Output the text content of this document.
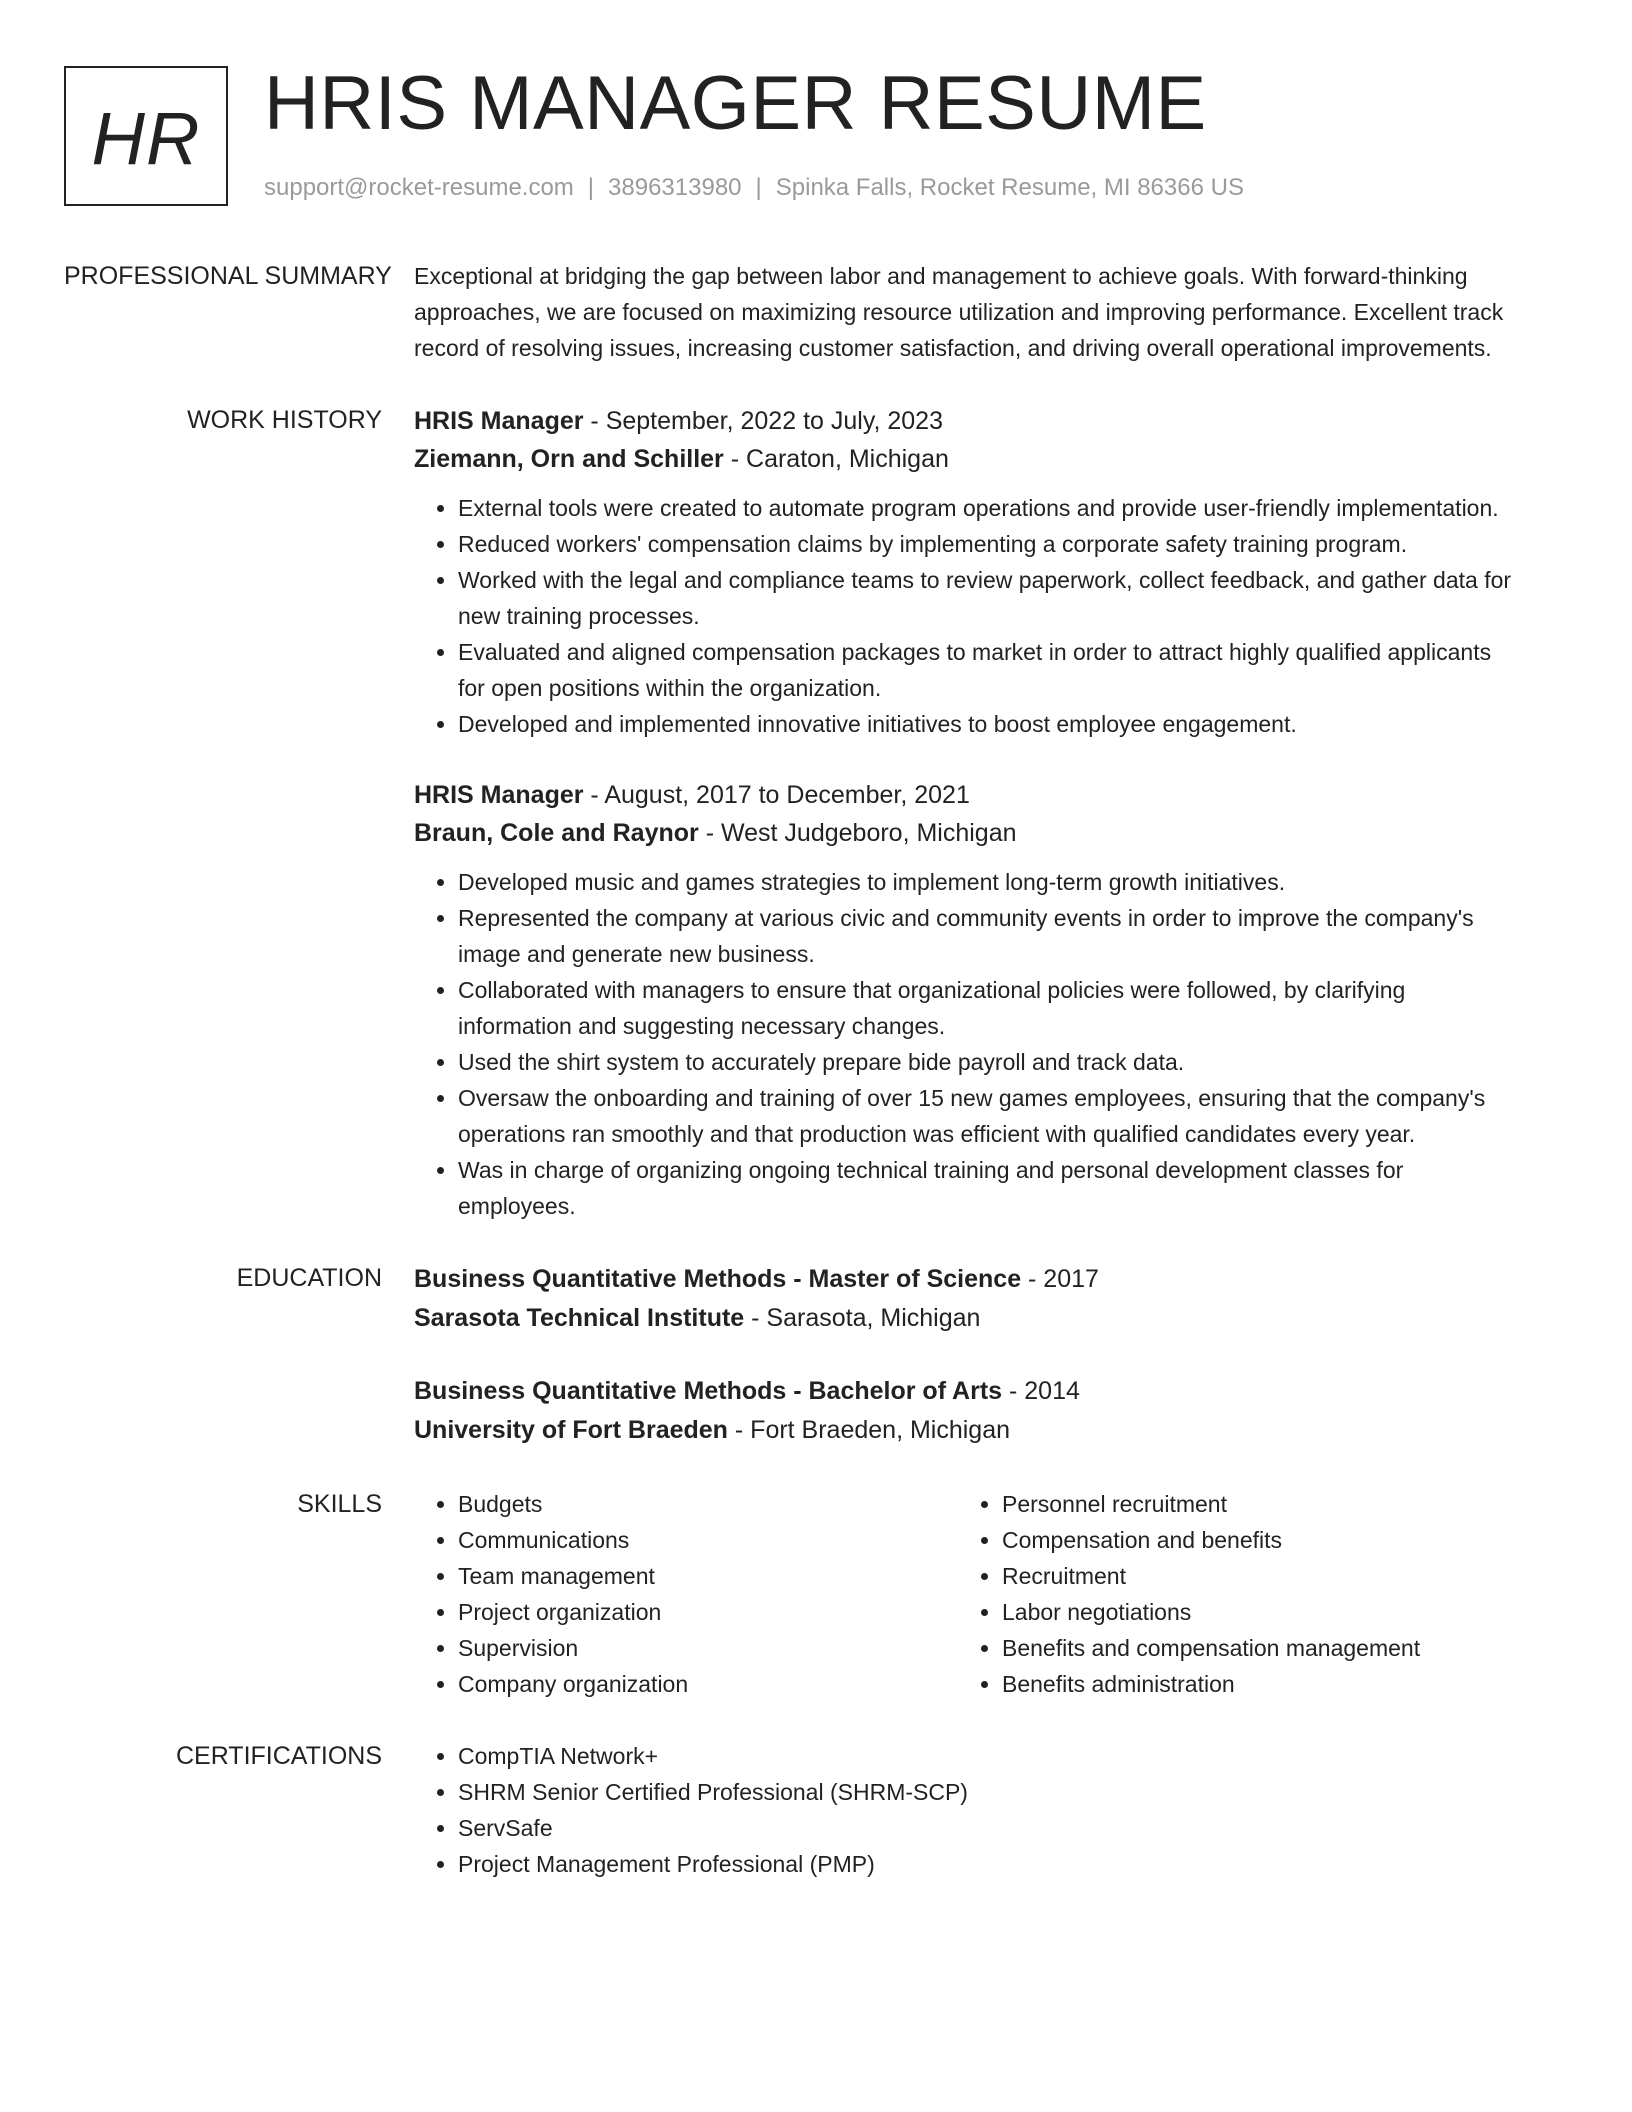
HR HRIS MANAGER RESUME
support@rocket-resume.com | 3896313980 | Spinka Falls, Rocket Resume, MI 86366 US
PROFESSIONAL SUMMARY Exceptional at bridging the gap between labor and management to achieve goals. With forward-thinking approaches, we are focused on maximizing resource utilization and improving performance. Excellent track record of resolving issues, increasing customer satisfaction, and driving overall operational improvements.

WORK HISTORY	HRIS Manager - September, 2022 to July, 2023
Ziemann, Orn and Schiller - Caraton, Michigan
• External tools were created to automate program operations and provide user-friendly implementation.
• Reduced workers' compensation claims by implementing a corporate safety training program.
• Worked with the legal and compliance teams to review paperwork, collect feedback, and gather data for new training processes.
• Evaluated and aligned compensation packages to market in order to attract highly qualified applicants for open positions within the organization.
• Developed and implemented innovative initiatives to boost employee engagement.
HRIS Manager - August, 2017 to December, 2021
Braun, Cole and Raynor - West Judgeboro, Michigan
• Developed music and games strategies to implement long-term growth initiatives.
• Represented the company at various civic and community events in order to improve the company's image and generate new business.
• Collaborated with managers to ensure that organizational policies were followed, by clarifying information and suggesting necessary changes.
• Used the shirt system to accurately prepare bide payroll and track data.
• Oversaw the onboarding and training of over 15 new games employees, ensuring that the company's operations ran smoothly and that production was efficient with qualified candidates every year.
• Was in charge of organizing ongoing technical training and personal development classes for employees.
EDUCATION	Business Quantitative Methods - Master of Science - 2017
Sarasota Technical Institute - Sarasota, Michigan
Business Quantitative Methods - Bachelor of Arts - 2014
University of Fort Braeden - Fort Braeden, Michigan
SKILLS	• Budgets
• Communications
• Team management
• Project organization
• Supervision
• Company organization
• Personnel recruitment
• Compensation and benefits
• Recruitment
• Labor negotiations
• Benefits and compensation management
• Benefits administration
CERTIFICATIONS	• CompTIA Network+
• SHRM Senior Certified Professional (SHRM-SCP)
• ServSafe
• Project Management Professional (PMP)
